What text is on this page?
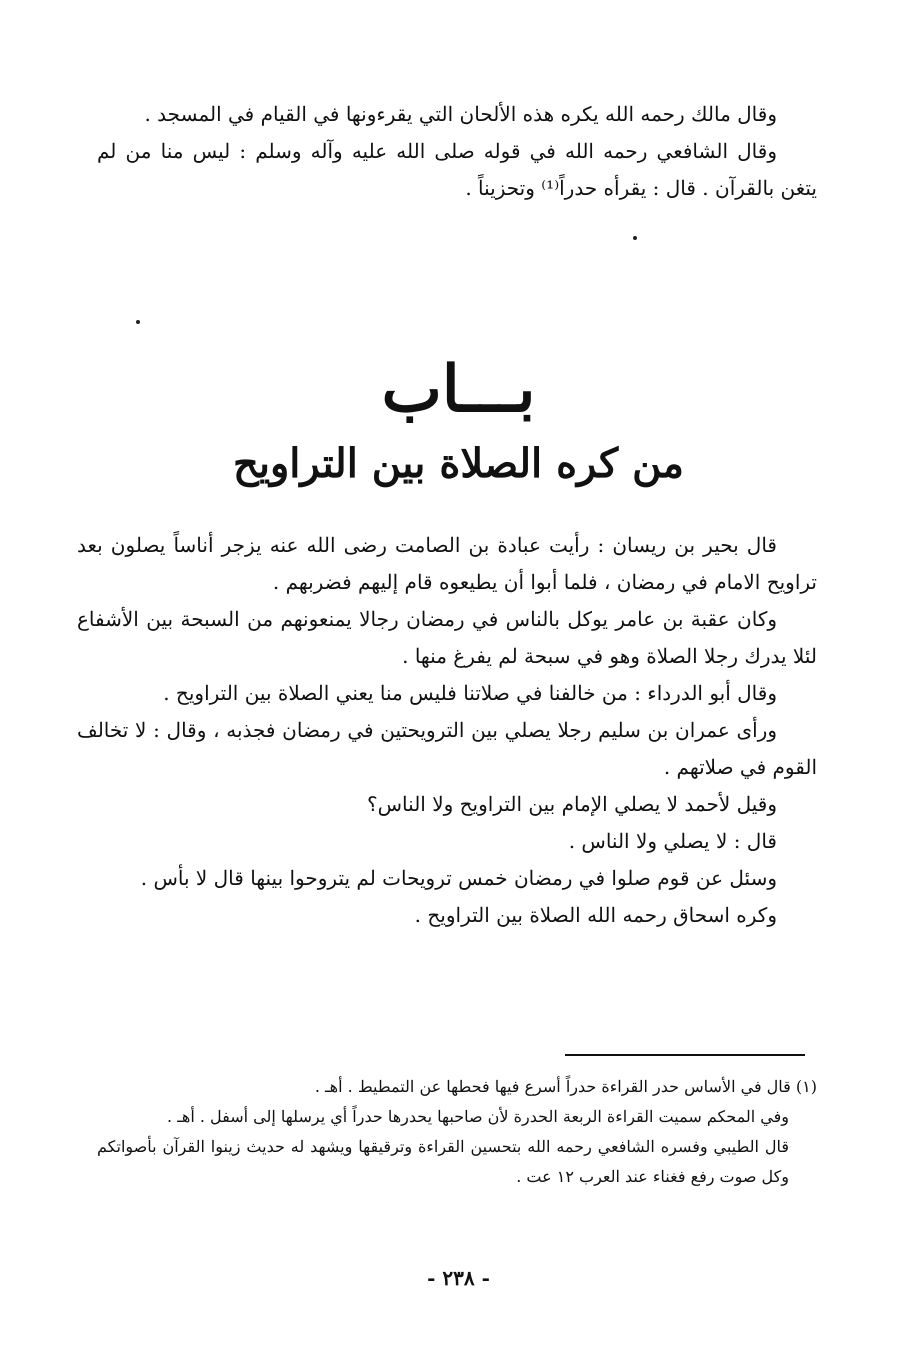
وقال مالك رحمه الله يكره هذه الألحان التي يقرءونها في القيام في المسجد .

وقال الشافعي رحمه الله في قوله صلى الله عليه وآله وسلم : ليس منا من لم يتغن بالقرآن . قال : يقرأه حدراً⁽¹⁾ وتحزيناً .

بـــاب
من كره الصلاة بين التراويح

قال بحير بن ريسان : رأيت عبادة بن الصامت رضى الله عنه يزجر أناساً يصلون بعد تراويح الامام في رمضان ، فلما أبوا أن يطيعوه قام إليهم فضربهم .

وكان عقبة بن عامر يوكل بالناس في رمضان رجالا يمنعونهم من السبحة بين الأشفاع لئلا يدرك رجلا الصلاة وهو في سبحة لم يفرغ منها .

وقال أبو الدرداء : من خالفنا في صلاتنا فليس منا يعني الصلاة بين التراويح .

ورأى عمران بن سليم رجلا يصلي بين الترويحتين في رمضان فجذبه ، وقال : لا تخالف القوم في صلاتهم .

وقيل لأحمد لا يصلي الإمام بين التراويح ولا الناس؟

قال : لا يصلي ولا الناس .

وسئل عن قوم صلوا في رمضان خمس ترويحات لم يتروحوا بينها قال لا بأس .

وكره اسحاق رحمه الله الصلاة بين التراويح .

(١) قال في الأساس حدر القراءة حدراً أسرع فيها فحطها عن التمطيط . أهـ .

وفي المحكم سميت القراءة الربعة الحدرة لأن صاحبها يحدرها حدراً أي يرسلها إلى أسفل . أهـ .

قال الطيبي وفسره الشافعي رحمه الله بتحسين القراءة وترقيقها ويشهد له حديث زينوا القرآن بأصواتكم وكل صوت رفع فغناء عند العرب ١٢ عت .

- ٢٣٨ -
